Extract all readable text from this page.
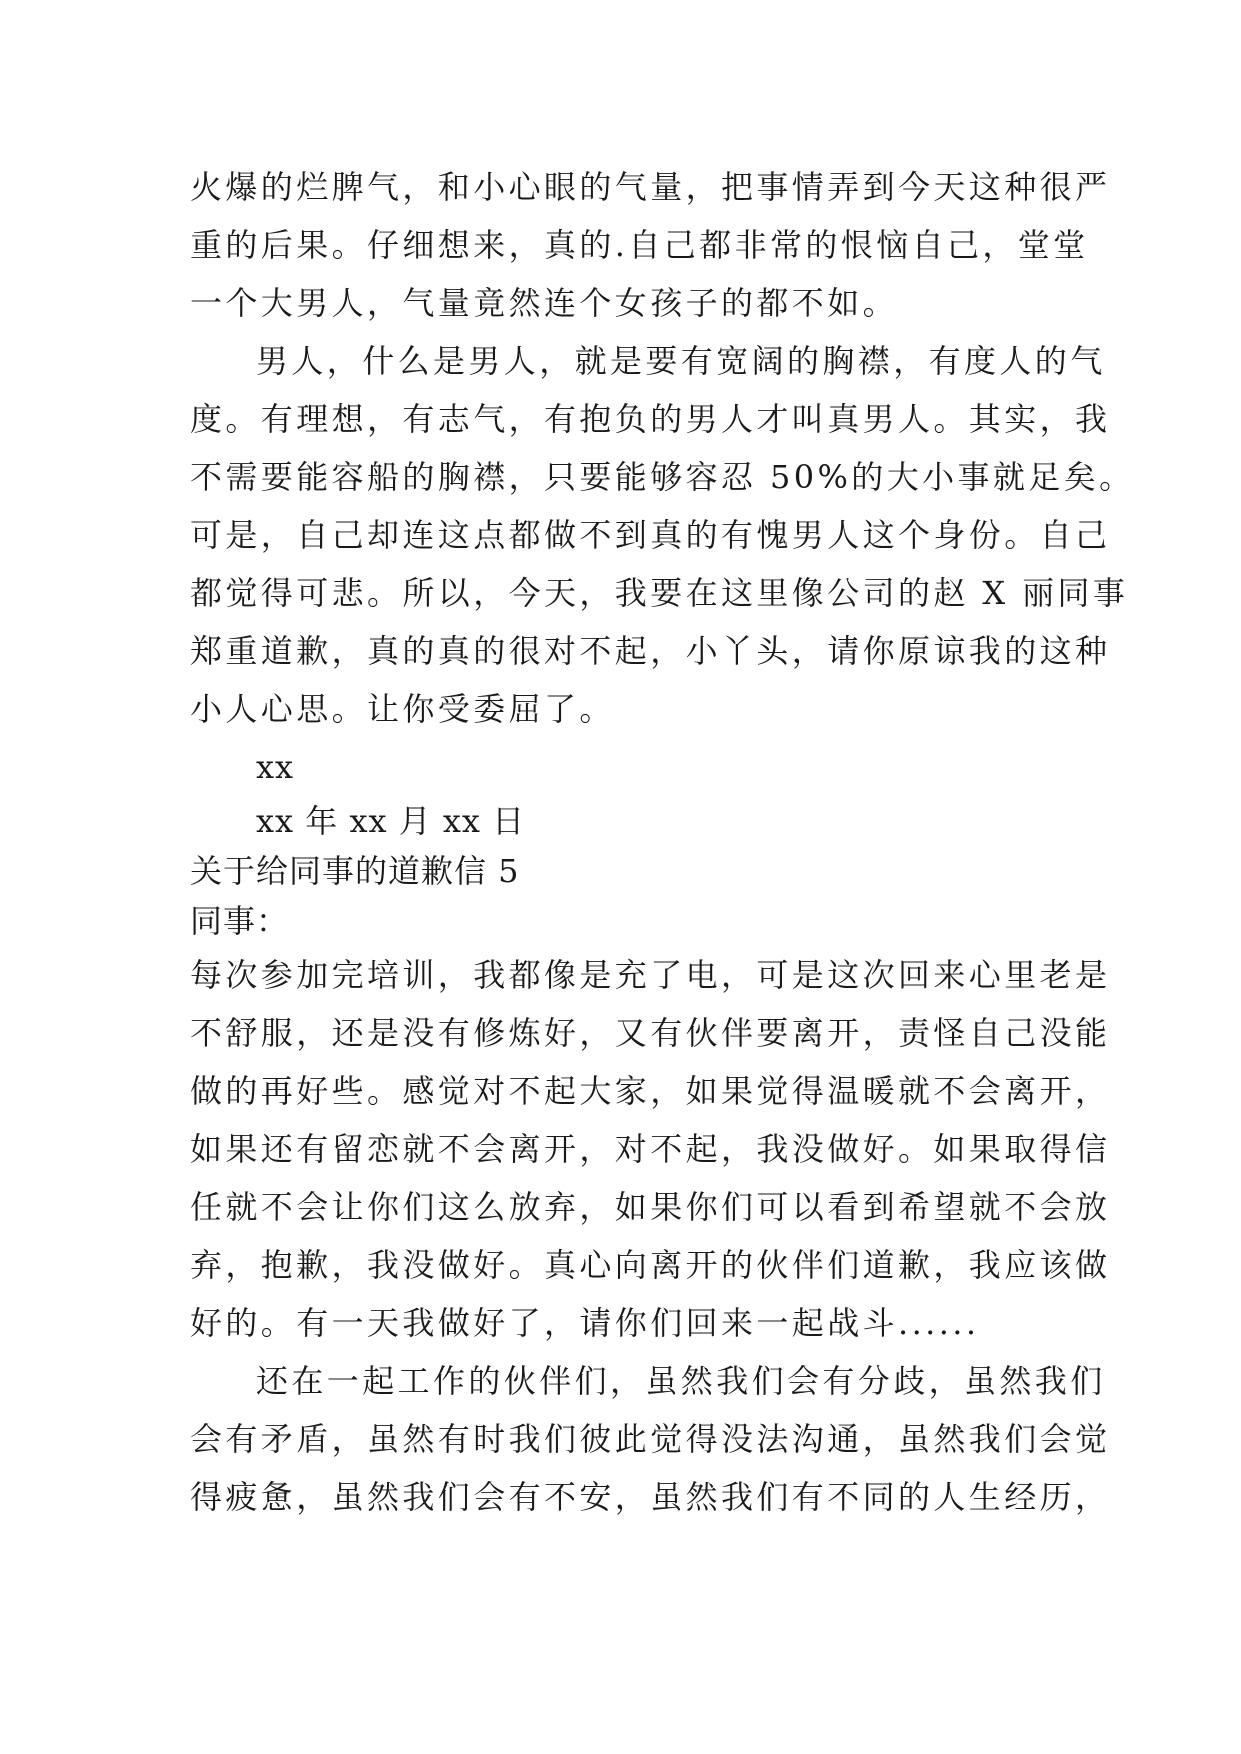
火爆的烂脾气，和小心眼的气量，把事情弄到今天这种很严
重的后果。仔细想来，真的.自己都非常的恨恼自己，堂堂
一个大男人，气量竟然连个女孩子的都不如。
男人，什么是男人，就是要有宽阔的胸襟，有度人的气
度。有理想，有志气，有抱负的男人才叫真男人。其实，我
不需要能容船的胸襟，只要能够容忍 50%的大小事就足矣。
可是，自己却连这点都做不到真的有愧男人这个身份。自己
都觉得可悲。所以，今天，我要在这里像公司的赵 X 丽同事
郑重道歉，真的真的很对不起，小丫头，请你原谅我的这种
小人心思。让你受委屈了。
xx
xx 年 xx 月 xx 日
关于给同事的道歉信 5
同事：
每次参加完培训，我都像是充了电，可是这次回来心里老是
不舒服，还是没有修炼好，又有伙伴要离开，责怪自己没能
做的再好些。感觉对不起大家，如果觉得温暖就不会离开，
如果还有留恋就不会离开，对不起，我没做好。如果取得信
任就不会让你们这么放弃，如果你们可以看到希望就不会放
弃，抱歉，我没做好。真心向离开的伙伴们道歉，我应该做
好的。有一天我做好了，请你们回来一起战斗......
还在一起工作的伙伴们，虽然我们会有分歧，虽然我们
会有矛盾，虽然有时我们彼此觉得没法沟通，虽然我们会觉
得疲惫，虽然我们会有不安，虽然我们有不同的人生经历，
